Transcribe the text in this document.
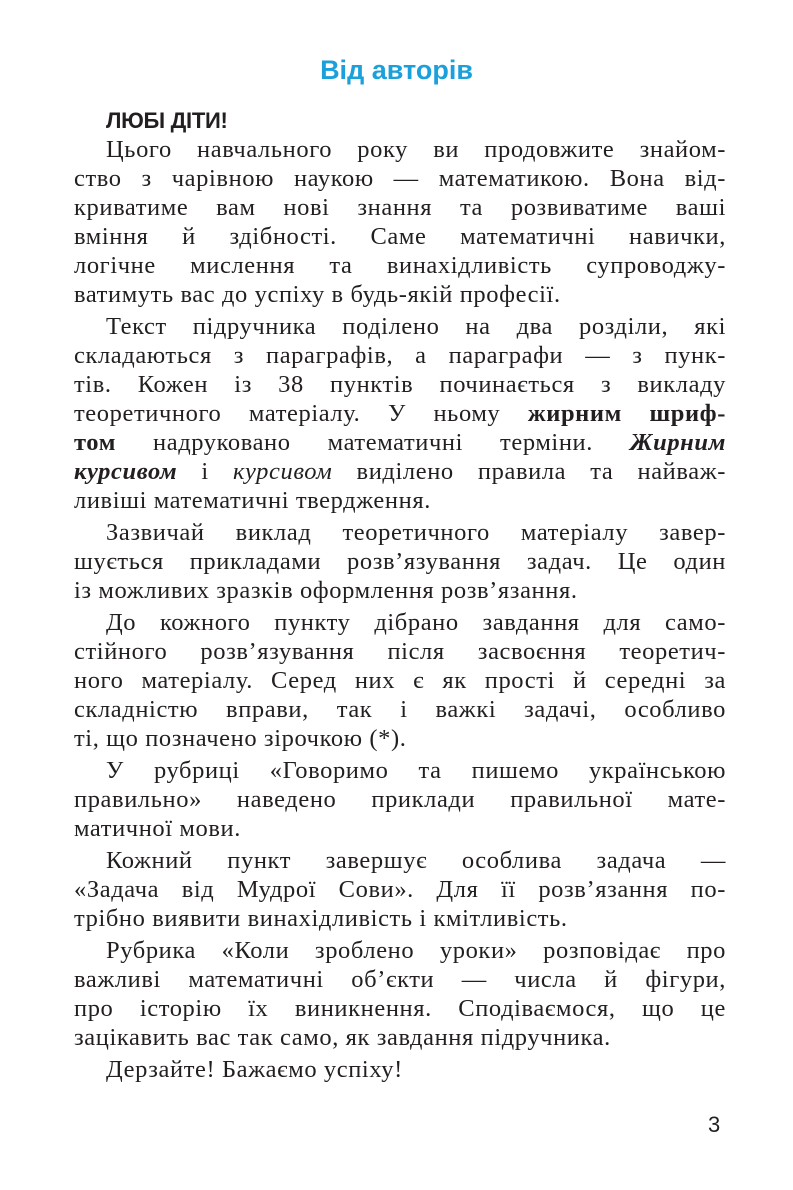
Від авторів
ЛЮБІ ДІТИ!
Цього навчального року ви продовжите знайом-
ство з чарівною наукою — математикою. Вона від-
криватиме вам нові знання та розвиватиме ваші
вміння й здібності. Саме математичні навички,
логічне мислення та винахідливість супроводжу-
ватимуть вас до успіху в будь-якій професії.
Текст підручника поділено на два розділи, які
складаються з параграфів, а параграфи — з пунк-
тів. Кожен із 38 пунктів починається з викладу
теоретичного матеріалу. У ньому жирним шриф-
том надруковано математичні терміни. Жирним
курсивом і курсивом виділено правила та найваж-
ливіші математичні твердження.
Зазвичай виклад теоретичного матеріалу завер-
шується прикладами розв’язування задач. Це один
із можливих зразків оформлення розв’язання.
До кожного пункту дібрано завдання для само-
стійного розв’язування після засвоєння теоретич-
ного матеріалу. Серед них є як прості й середні за
складністю вправи, так і важкі задачі, особливо
ті, що позначено зірочкою (*).
У рубриці «Говоримо та пишемо українською
правильно» наведено приклади правильної мате-
матичної мови.
Кожний пункт завершує особлива задача —
«Задача від Мудрої Сови». Для її розв’язання по-
трібно виявити винахідливість і кмітливість.
Рубрика «Коли зроблено уроки» розповідає про
важливі математичні об’єкти — числа й фігури,
про історію їх виникнення. Сподіваємося, що це
зацікавить вас так само, як завдання підручника.
Дерзайте! Бажаємо успіху!
3
